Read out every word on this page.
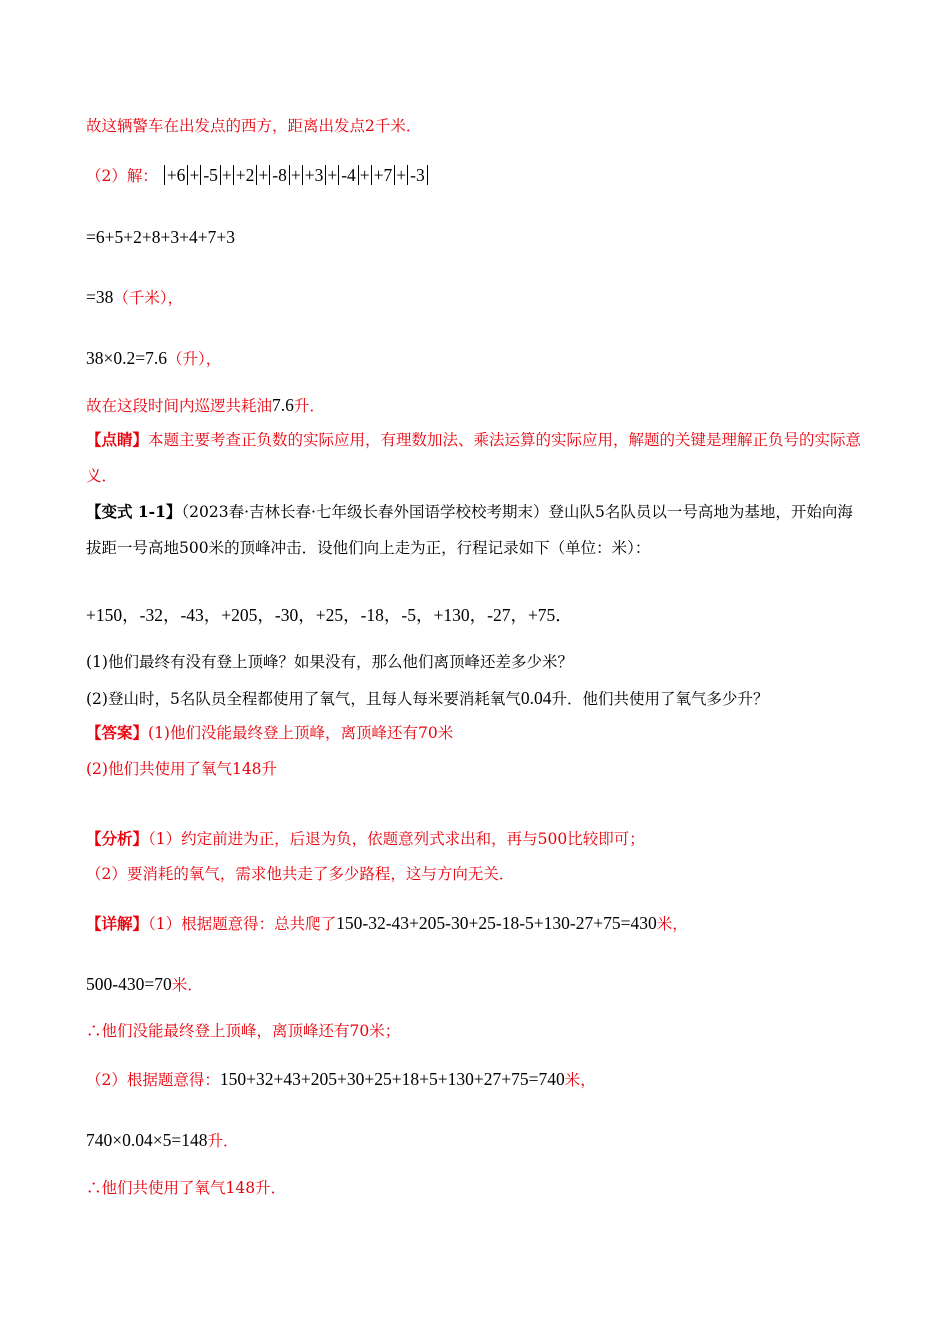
故这辆警车在出发点的西方，距离出发点2千米．
（2）解： +6 + -5 + +2 + -8 + +3 + -4 + +7 + -3
=6+5+2+8+3+4+7+3
=38（千米），
38×0.2=7.6（升），
故在这段时间内巡逻共耗油7.6升．
【点睛】本题主要考查正负数的实际应用，有理数加法、乘法运算的实际应用，解题的关键是理解正负号的实际意义．
【变式 1-1】（2023春·吉林长春·七年级长春外国语学校校考期末）登山队5名队员以一号高地为基地，开始向海拔距一号高地500米的顶峰冲击．设他们向上走为正，行程记录如下（单位：米）：
+150，-32，-43，+205，-30，+25，-18，-5，+130，-27，+75．
(1)他们最终有没有登上顶峰？如果没有，那么他们离顶峰还差多少米？
(2)登山时，5名队员全程都使用了氧气，且每人每米要消耗氧气0.04升．他们共使用了氧气多少升？
【答案】(1)他们没能最终登上顶峰，离顶峰还有70米
(2)他们共使用了氧气148升
【分析】（1）约定前进为正，后退为负，依题意列式求出和，再与500比较即可；
（2）要消耗的氧气，需求他共走了多少路程，这与方向无关．
【详解】（1）根据题意得：总共爬了150-32-43+205-30+25-18-5+130-27+75=430米，
500-430=70米．
∴他们没能最终登上顶峰，离顶峰还有70米；
（2）根据题意得：150+32+43+205+30+25+18+5+130+27+75=740米，
740×0.04×5=148升．
∴他们共使用了氧气148升．
